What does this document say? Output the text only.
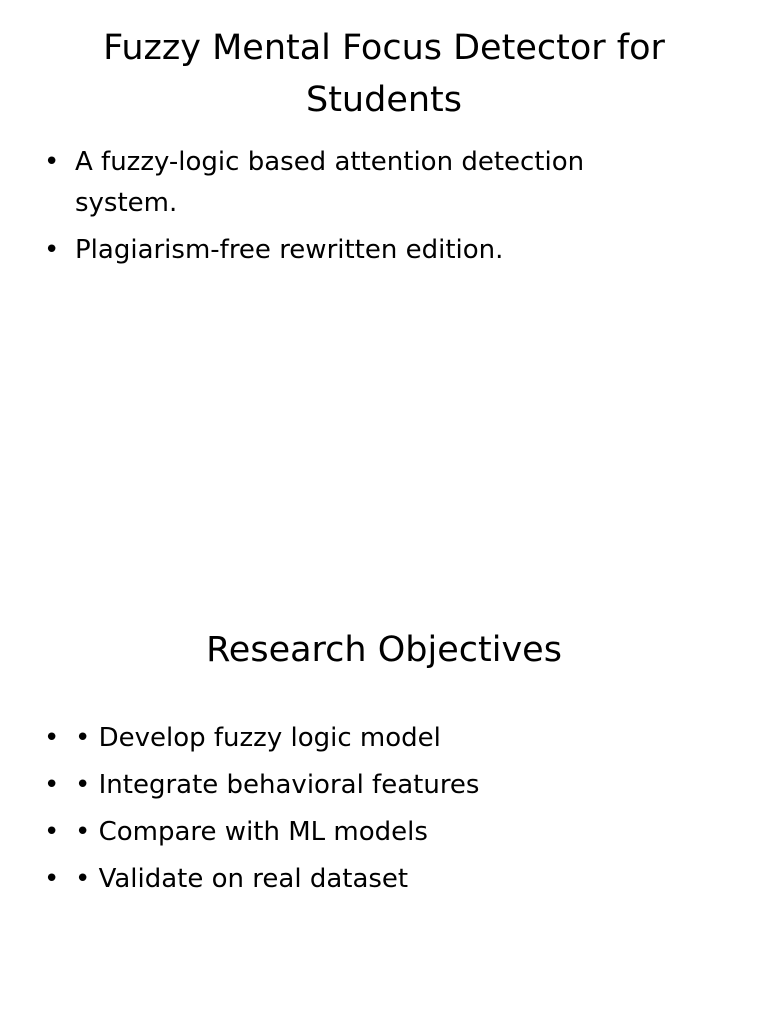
Fuzzy Mental Focus Detector for Students
• A fuzzy-logic based attention detection system.
• Plagiarism-free rewritten edition.
Research Objectives
• • Develop fuzzy logic model
• • Integrate behavioral features
• • Compare with ML models
• • Validate on real dataset
